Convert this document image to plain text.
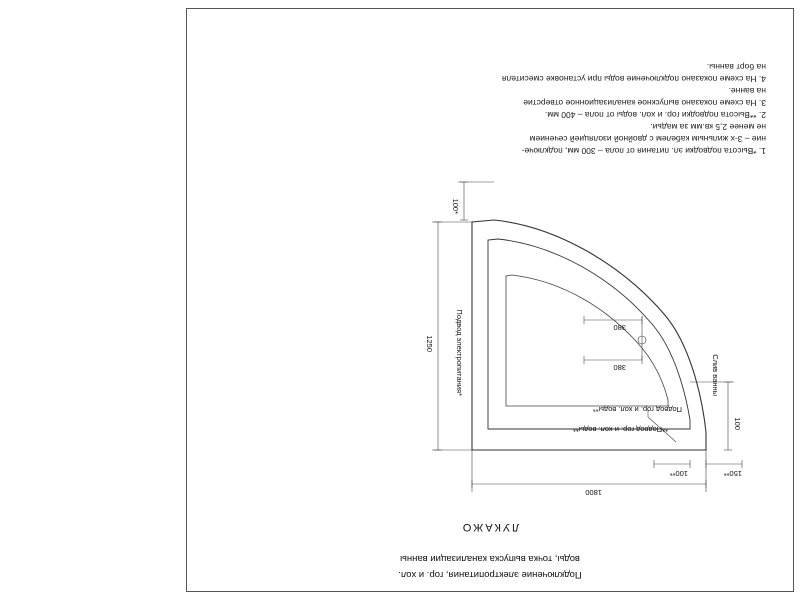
ЛУКАЖО
воды, точка выпуска канализации ванны
Подключение электропитания, гор. и хол.
1800
1250
100
150**
100**
380
380
100*
Слив ванны
Подвод электропитания*
Подвод гор. и хол. воды**
**Подвод гор. и хол. воды**
1. *Высота подводки эл. питания от пола – 300 мм, подключе-
ние – 3-х жильным кабелем с двойной изоляцией сечением
не менее 2,5 кв.мм за мадьи.
2. **Высота подводки гор. и хол. воды от пола – 400 мм.
3. На схеме показано выпускное канализационное отверстие
на ванне.
4. На схеме показано подключение воды при установке смесителя
на борт ванны.
